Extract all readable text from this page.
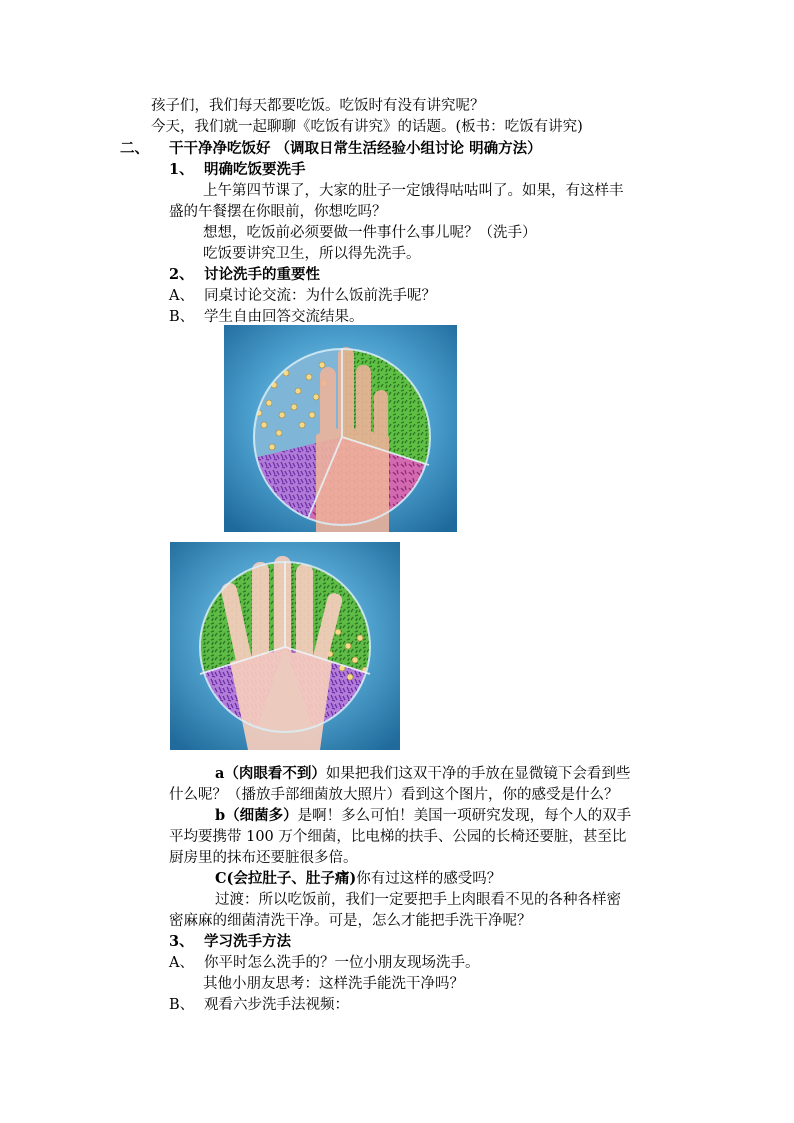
孩子们，我们每天都要吃饭。吃饭时有没有讲究呢？
今天，我们就一起聊聊《吃饭有讲究》的话题。(板书：吃饭有讲究)
二、 干干净净吃饭好 （调取日常生活经验小组讨论 明确方法）
1、 明确吃饭要洗手
上午第四节课了，大家的肚子一定饿得咕咕叫了。如果，有这样丰
盛的午餐摆在你眼前，你想吃吗？
想想，吃饭前必须要做一件事什么事儿呢？（洗手）
吃饭要讲究卫生，所以得先洗手。
2、 讨论洗手的重要性
A、 同桌讨论交流：为什么饭前洗手呢？
B、 学生自由回答交流结果。
a（肉眼看不到）如果把我们这双干净的手放在显微镜下会看到些
什么呢？（播放手部细菌放大照片）看到这个图片，你的感受是什么？
b（细菌多）是啊！多么可怕！美国一项研究发现，每个人的双手
平均要携带 100 万个细菌，比电梯的扶手、公园的长椅还要脏，甚至比
厨房里的抹布还要脏很多倍。
C(会拉肚子、肚子痛)你有过这样的感受吗？
过渡：所以吃饭前，我们一定要把手上肉眼看不见的各种各样密
密麻麻的细菌清洗干净。可是，怎么才能把手洗干净呢？
3、 学习洗手方法
A、 你平时怎么洗手的？一位小朋友现场洗手。
其他小朋友思考：这样洗手能洗干净吗？
B、 观看六步洗手法视频：
